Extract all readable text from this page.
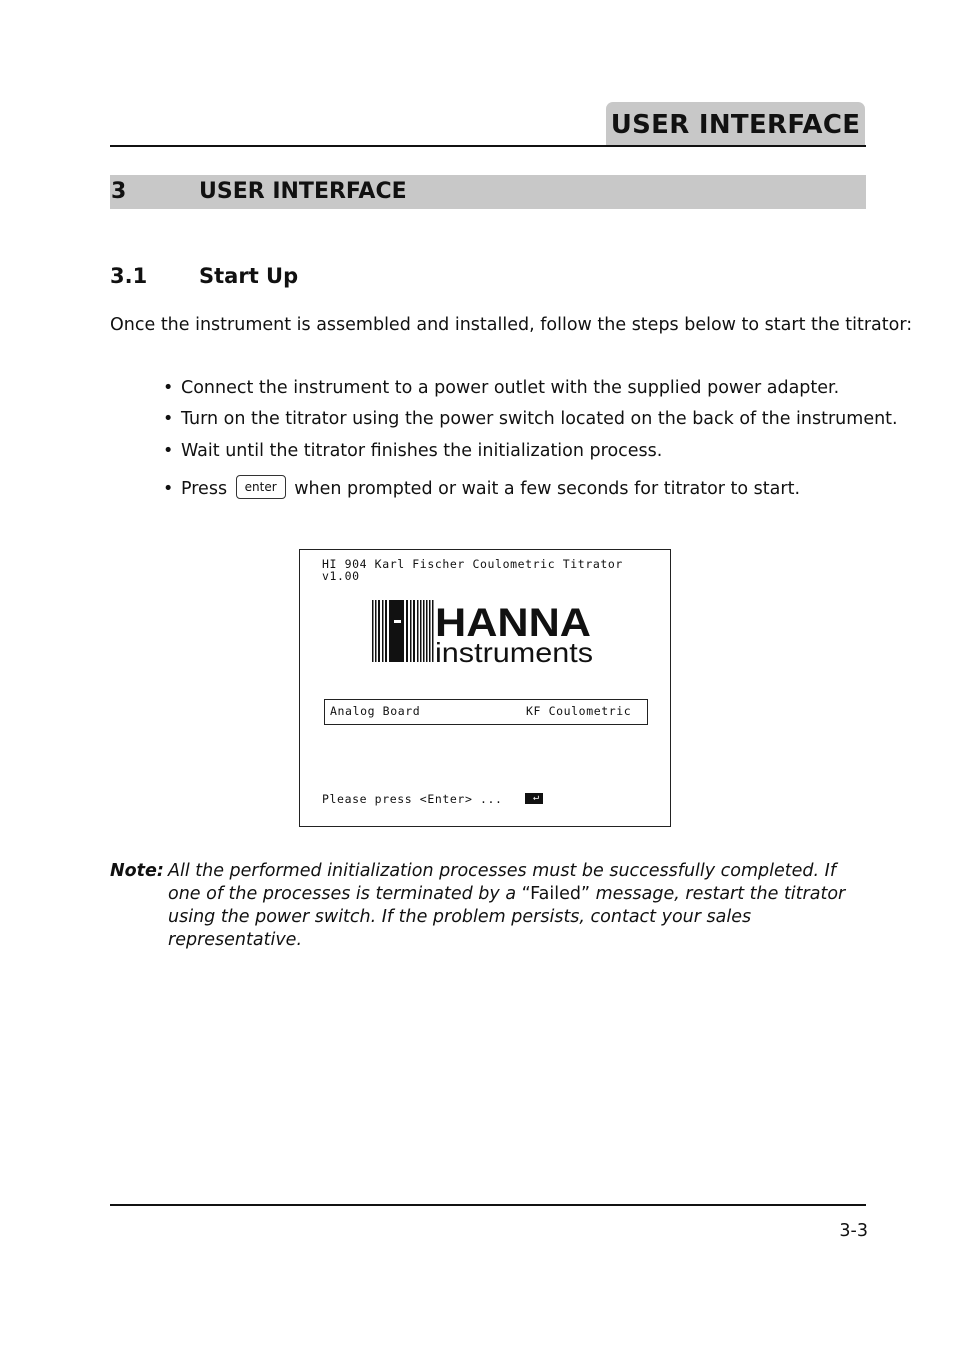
USER INTERFACE
3	USER INTERFACE
3.1 Start Up
Once the instrument is assembled and installed, follow the steps below to start the titrator:
• Connect the instrument to a power outlet with the supplied power adapter.
• Turn on the titrator using the power switch located on the back of the instrument.
• Wait until the titrator finishes the initialization process.
• Press enter when prompted or wait a few seconds for titrator to start.
HI 904 Karl Fischer Coulometric Titrator
v1.00
HANNA
instruments
Analog Board	KF Coulometric
Please press <Enter> ...	↵
Note: All the performed initialization processes must be successfully completed. If one of the processes is terminated by a “Failed” message, restart the titrator using the power switch. If the problem persists, contact your sales representative.
3-3
